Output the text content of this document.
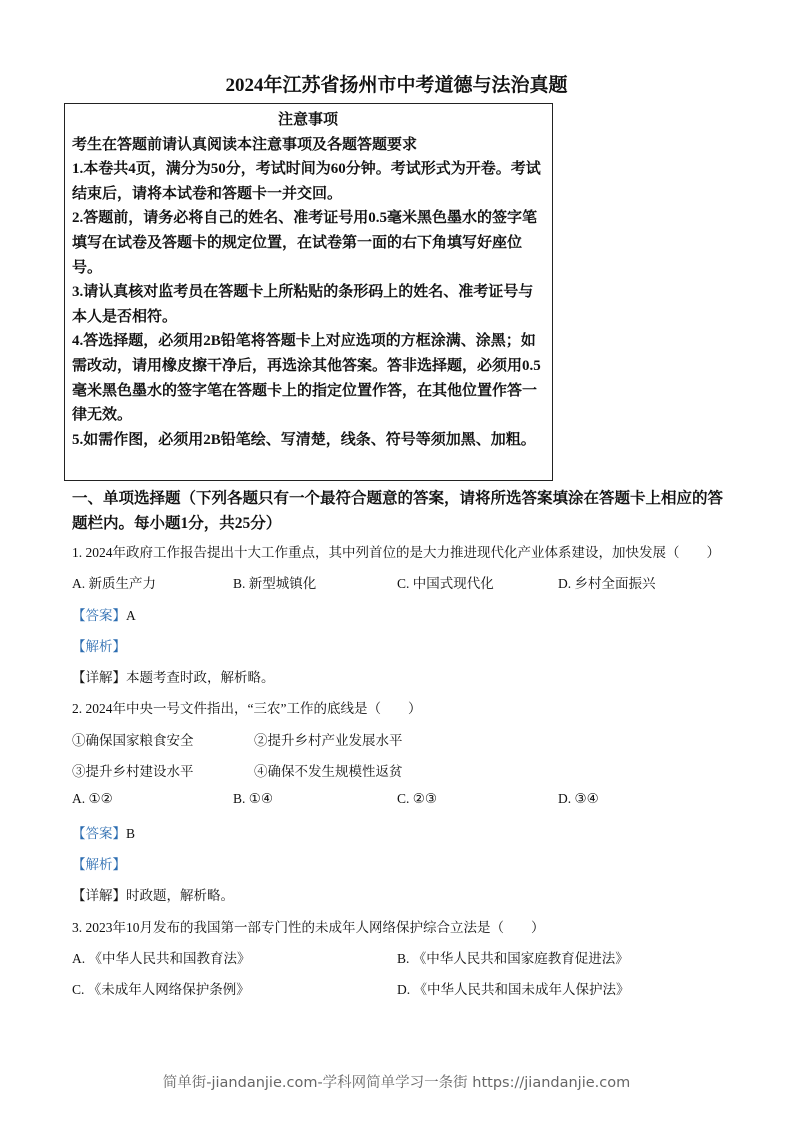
2024年江苏省扬州市中考道德与法治真题
注意事项
考生在答题前请认真阅读本注意事项及各题答题要求
1.本卷共4页，满分为50分，考试时间为60分钟。考试形式为开卷。考试结束后，请将本试卷和答题卡一并交回。
2.答题前，请务必将自己的姓名、准考证号用0.5毫米黑色墨水的签字笔填写在试卷及答题卡的规定位置，在试卷第一面的右下角填写好座位号。
3.请认真核对监考员在答题卡上所粘贴的条形码上的姓名、准考证号与本人是否相符。
4.答选择题，必须用2B铅笔将答题卡上对应选项的方框涂满、涂黑；如需改动，请用橡皮擦干净后，再选涂其他答案。答非选择题，必须用0.5毫米黑色墨水的签字笔在答题卡上的指定位置作答，在其他位置作答一律无效。
5.如需作图，必须用2B铅笔绘、写清楚，线条、符号等须加黑、加粗。
一、单项选择题（下列各题只有一个最符合题意的答案，请将所选答案填涂在答题卡上相应的答题栏内。每小题1分，共25分）
1. 2024年政府工作报告提出十大工作重点，其中列首位的是大力推进现代化产业体系建设，加快发展（　　）
A. 新质生产力	B. 新型城镇化	C. 中国式现代化	D. 乡村全面振兴
【答案】A
【解析】
【详解】本题考查时政，解析略。
2. 2024年中央一号文件指出，“三农”工作的底线是（　　）
①确保国家粮食安全	②提升乡村产业发展水平
③提升乡村建设水平	④确保不发生规模性返贫
A. ①②	B. ①④	C. ②③	D. ③④
【答案】B
【解析】
【详解】时政题，解析略。
3. 2023年10月发布的我国第一部专门性的未成年人网络保护综合立法是（　　）
A. 《中华人民共和国教育法》	B. 《中华人民共和国家庭教育促进法》
C. 《未成年人网络保护条例》	D. 《中华人民共和国未成年人保护法》
简单街-jiandanjie.com-学科网简单学习一条街 https://jiandanjie.com
